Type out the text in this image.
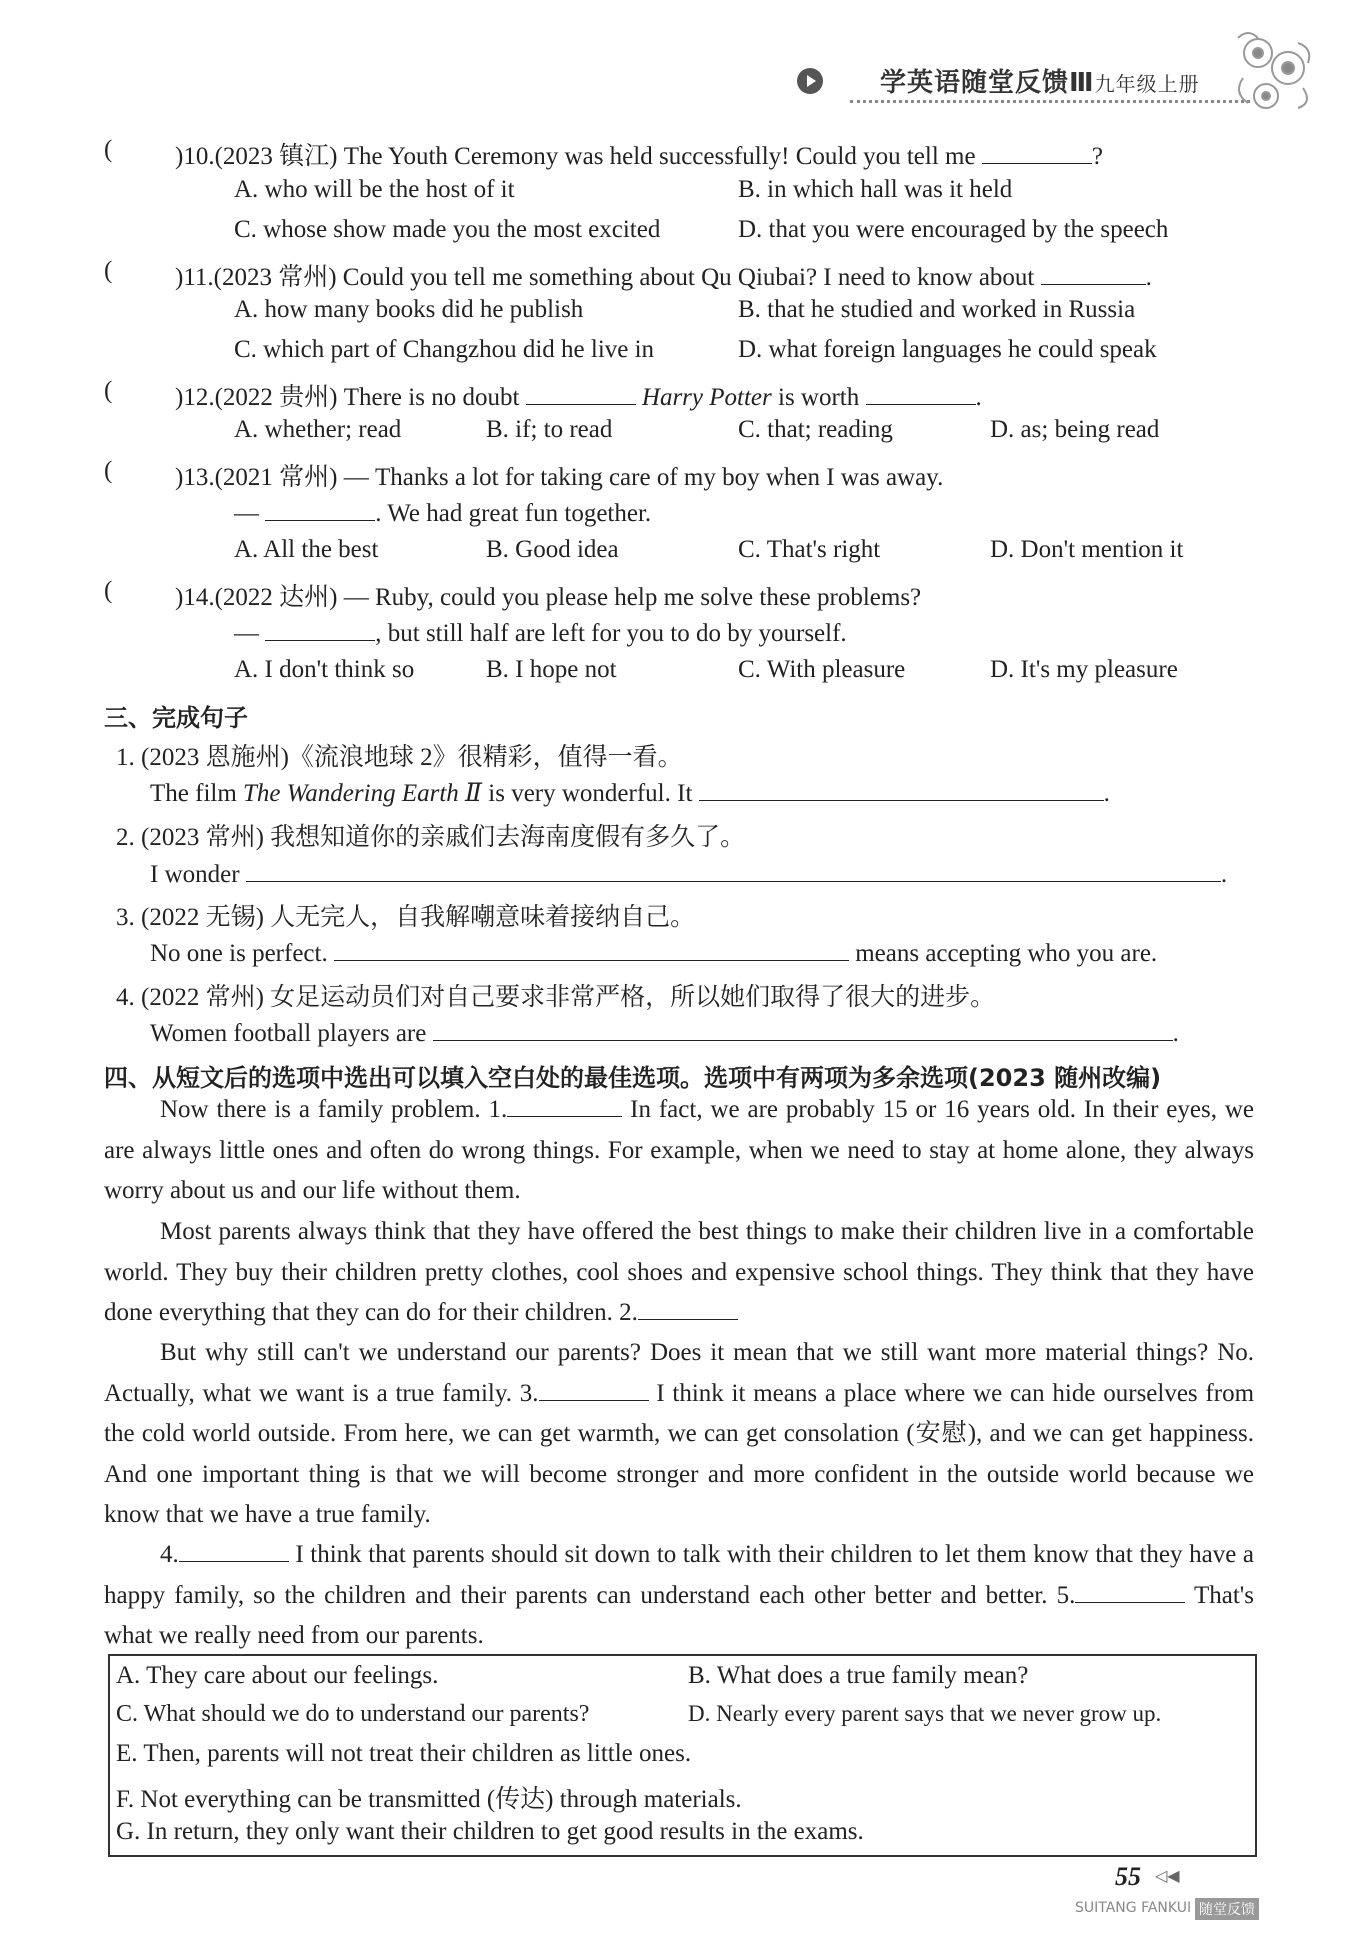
学英语随堂反馈Ⅲ九年级上册
(	)10.(2023 镇江) The Youth Ceremony was held successfully! Could you tell me	?
A. who will be the host of it	B. in which hall was it held
C. whose show made you the most excited	D. that you were encouraged by the speech
(	)11.(2023 常州) Could you tell me something about Qu Qiubai? I need to know about	.
A. how many books did he publish	B. that he studied and worked in Russia
C. which part of Changzhou did he live in	D. what foreign languages he could speak
(	)12.(2022 贵州) There is no doubt	Harry Potter is worth	.
A. whether; read	B. if; to read	C. that; reading	D. as; being read
(	)13.(2021 常州) — Thanks a lot for taking care of my boy when I was away.
—	. We had great fun together.
A. All the best	B. Good idea	C. That's right	D. Don't mention it
(	)14.(2022 达州) — Ruby, could you please help me solve these problems?
—	, but still half are left for you to do by yourself.
A. I don't think so	B. I hope not	C. With pleasure	D. It's my pleasure
三、完成句子
1. (2023 恩施州)《流浪地球 2》很精彩，值得一看。
The film The Wandering Earth Ⅱ is very wonderful. It	.
2. (2023 常州) 我想知道你的亲戚们去海南度假有多久了。
I wonder	.
3. (2022 无锡) 人无完人，自我解嘲意味着接纳自己。
No one is perfect.	means accepting who you are.
4. (2022 常州) 女足运动员们对自己要求非常严格，所以她们取得了很大的进步。
Women football players are	.
四、从短文后的选项中选出可以填入空白处的最佳选项。选项中有两项为多余选项(2023 随州改编)
Now there is a family problem. 1.	In fact, we are probably 15 or 16 years old. In their eyes, we are always little ones and often do wrong things. For example, when we need to stay at home alone, they always worry about us and our life without them.
Most parents always think that they have offered the best things to make their children live in a comfortable world. They buy their children pretty clothes, cool shoes and expensive school things. They think that they have done everything that they can do for their children. 2.
But why still can't we understand our parents? Does it mean that we still want more material things? No. Actually, what we want is a true family. 3.	I think it means a place where we can hide ourselves from the cold world outside. From here, we can get warmth, we can get consolation (安慰), and we can get happiness. And one important thing is that we will become stronger and more confident in the outside world because we know that we have a true family.
4.	I think that parents should sit down to talk with their children to let them know that they have a happy family, so the children and their parents can understand each other better and better. 5.	That's what we really need from our parents.
A. They care about our feelings.	B. What does a true family mean?
C. What should we do to understand our parents?	D. Nearly every parent says that we never grow up.
E. Then, parents will not treat their children as little ones.
F. Not everything can be transmitted (传达) through materials.
G. In return, they only want their children to get good results in the exams.
55 ◁◀
SUITANG FANKUI 随堂反馈
